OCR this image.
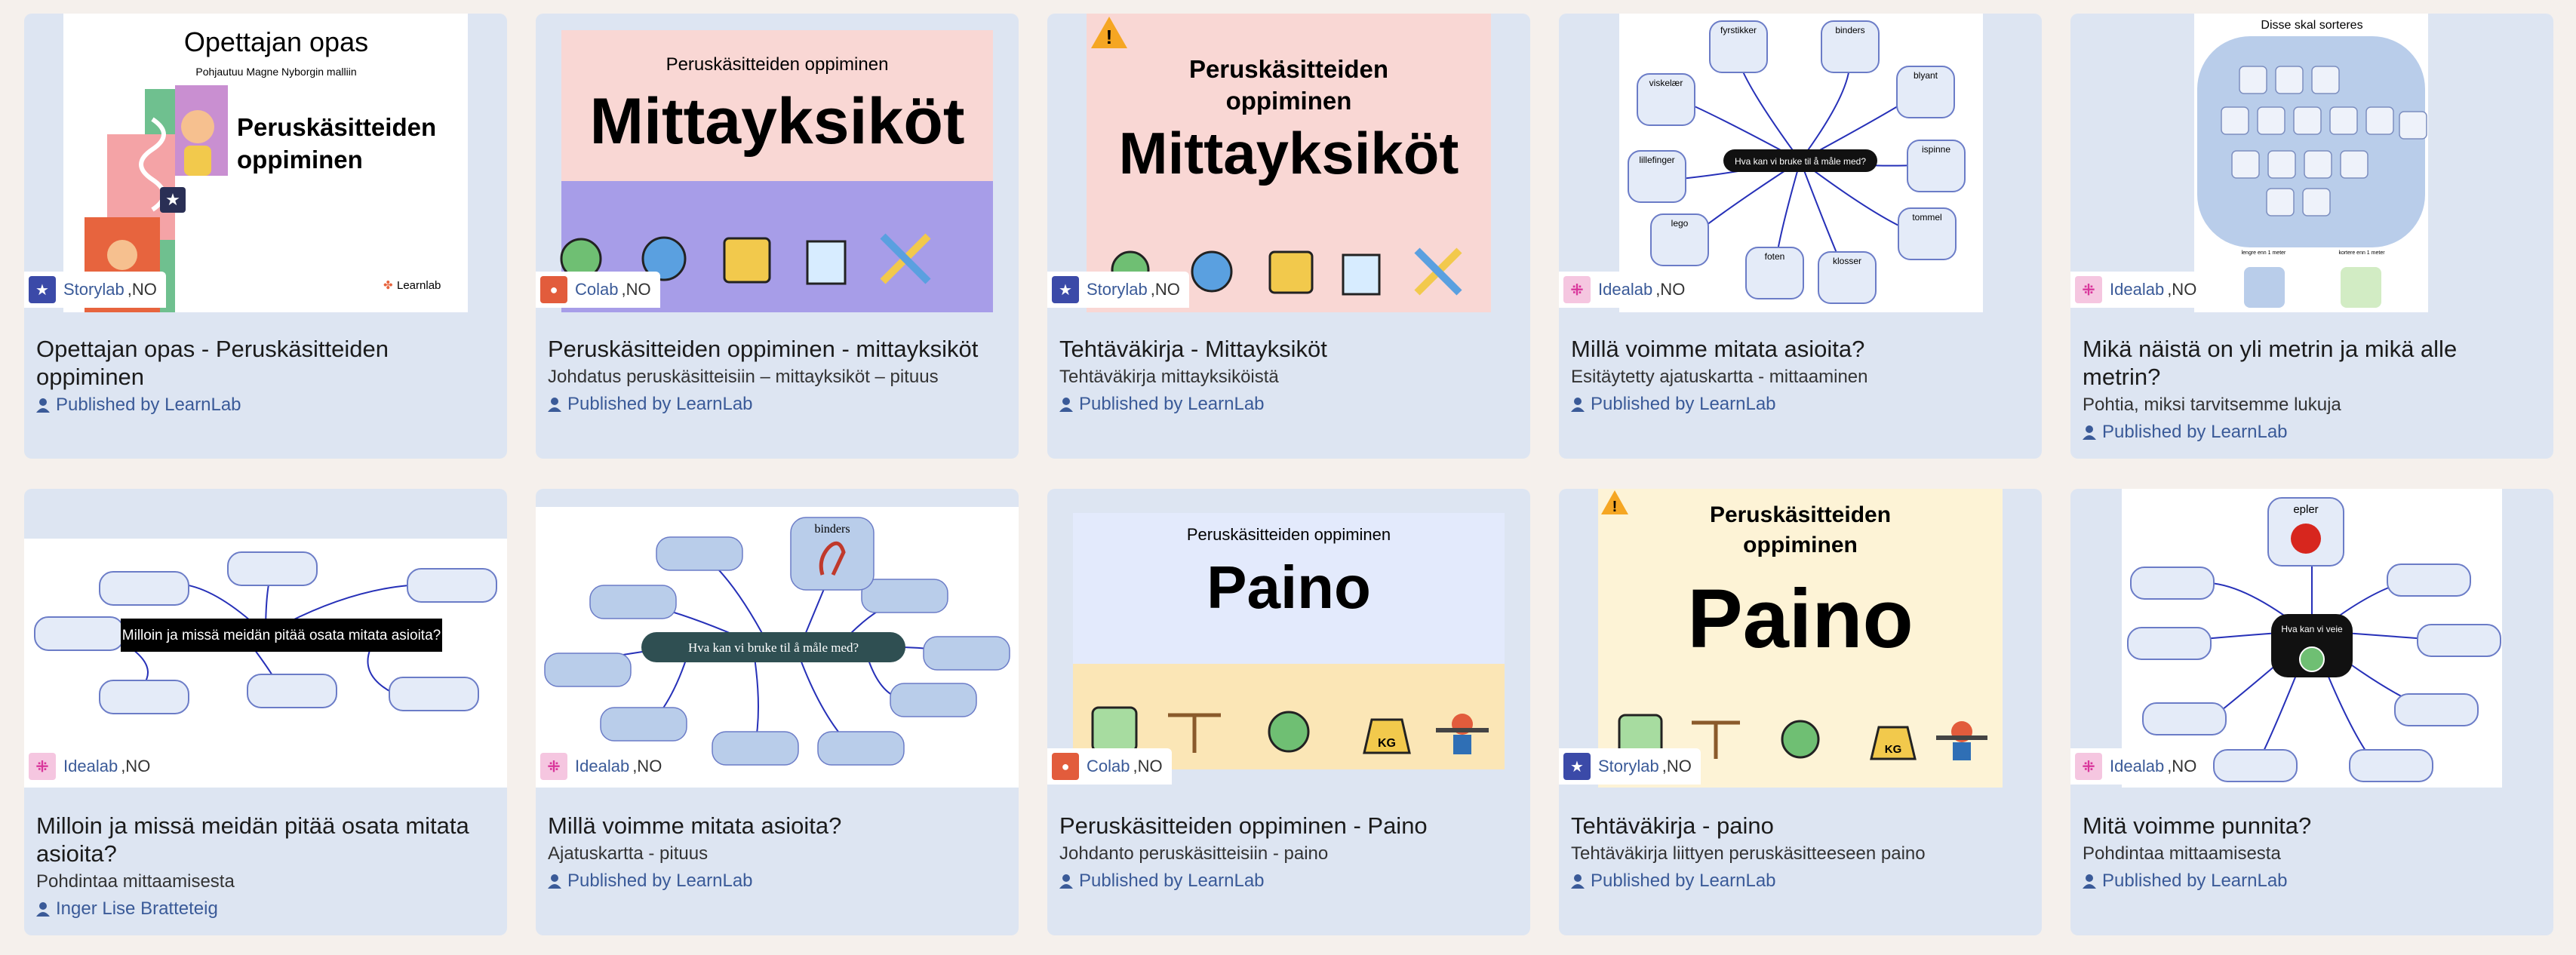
★
Opettajan opas
Pohjautuu Magne Nyborgin malliin
Peruskäsitteiden
oppiminen
✤ Learnlab
★ Storylab ,NO
Opettajan opas - Peruskäsitteiden oppiminen
Published by LearnLab
Peruskäsitteiden oppiminen
Mittayksiköt
● Colab ,NO
Peruskäsitteiden oppiminen - mittayksiköt
Johdatus peruskäsitteisiin – mittayksiköt – pituus
Published by LearnLab
!
Peruskäsitteiden
oppiminen
Mittayksiköt
★ Storylab ,NO
Tehtäväkirja - Mittayksiköt
Tehtäväkirja mittayksiköistä
Published by LearnLab
fyrstikker	binders
viskelær
blyant
lillefinger
ispinne
lego
tommel
foten	klosser
Hva kan vi bruke til å måle med?
⁜ Idealab ,NO
Millä voimme mitata asioita?
Esitäytetty ajatuskartta - mittaaminen
Published by LearnLab
Disse skal sorteres
lengre enn 1 meter	kortere enn 1 meter
⁜ Idealab ,NO
Mikä näistä on yli metrin ja mikä alle metrin?
Pohtia, miksi tarvitsemme lukuja
Published by LearnLab
Milloin ja missä meidän pitää osata mitata asioita?
⁜ Idealab ,NO
Milloin ja missä meidän pitää osata mitata asioita?
Pohdintaa mittaamisesta
Inger Lise Bratteteig
binders
Hva kan vi bruke til å måle med?
⁜ Idealab ,NO
Millä voimme mitata asioita?
Ajatuskartta - pituus
Published by LearnLab
Peruskäsitteiden oppiminen
Paino
KG
● Colab ,NO
Peruskäsitteiden oppiminen - Paino
Johdanto peruskäsitteisiin - paino
Published by LearnLab
!	Peruskäsitteiden
oppiminen
Paino
KG
★ Storylab ,NO
Tehtäväkirja - paino
Tehtäväkirja liittyen peruskäsitteeseen paino
Published by LearnLab
epler
Hva kan vi veie
⁜ Idealab ,NO
Mitä voimme punnita?
Pohdintaa mittaamisesta
Published by LearnLab
